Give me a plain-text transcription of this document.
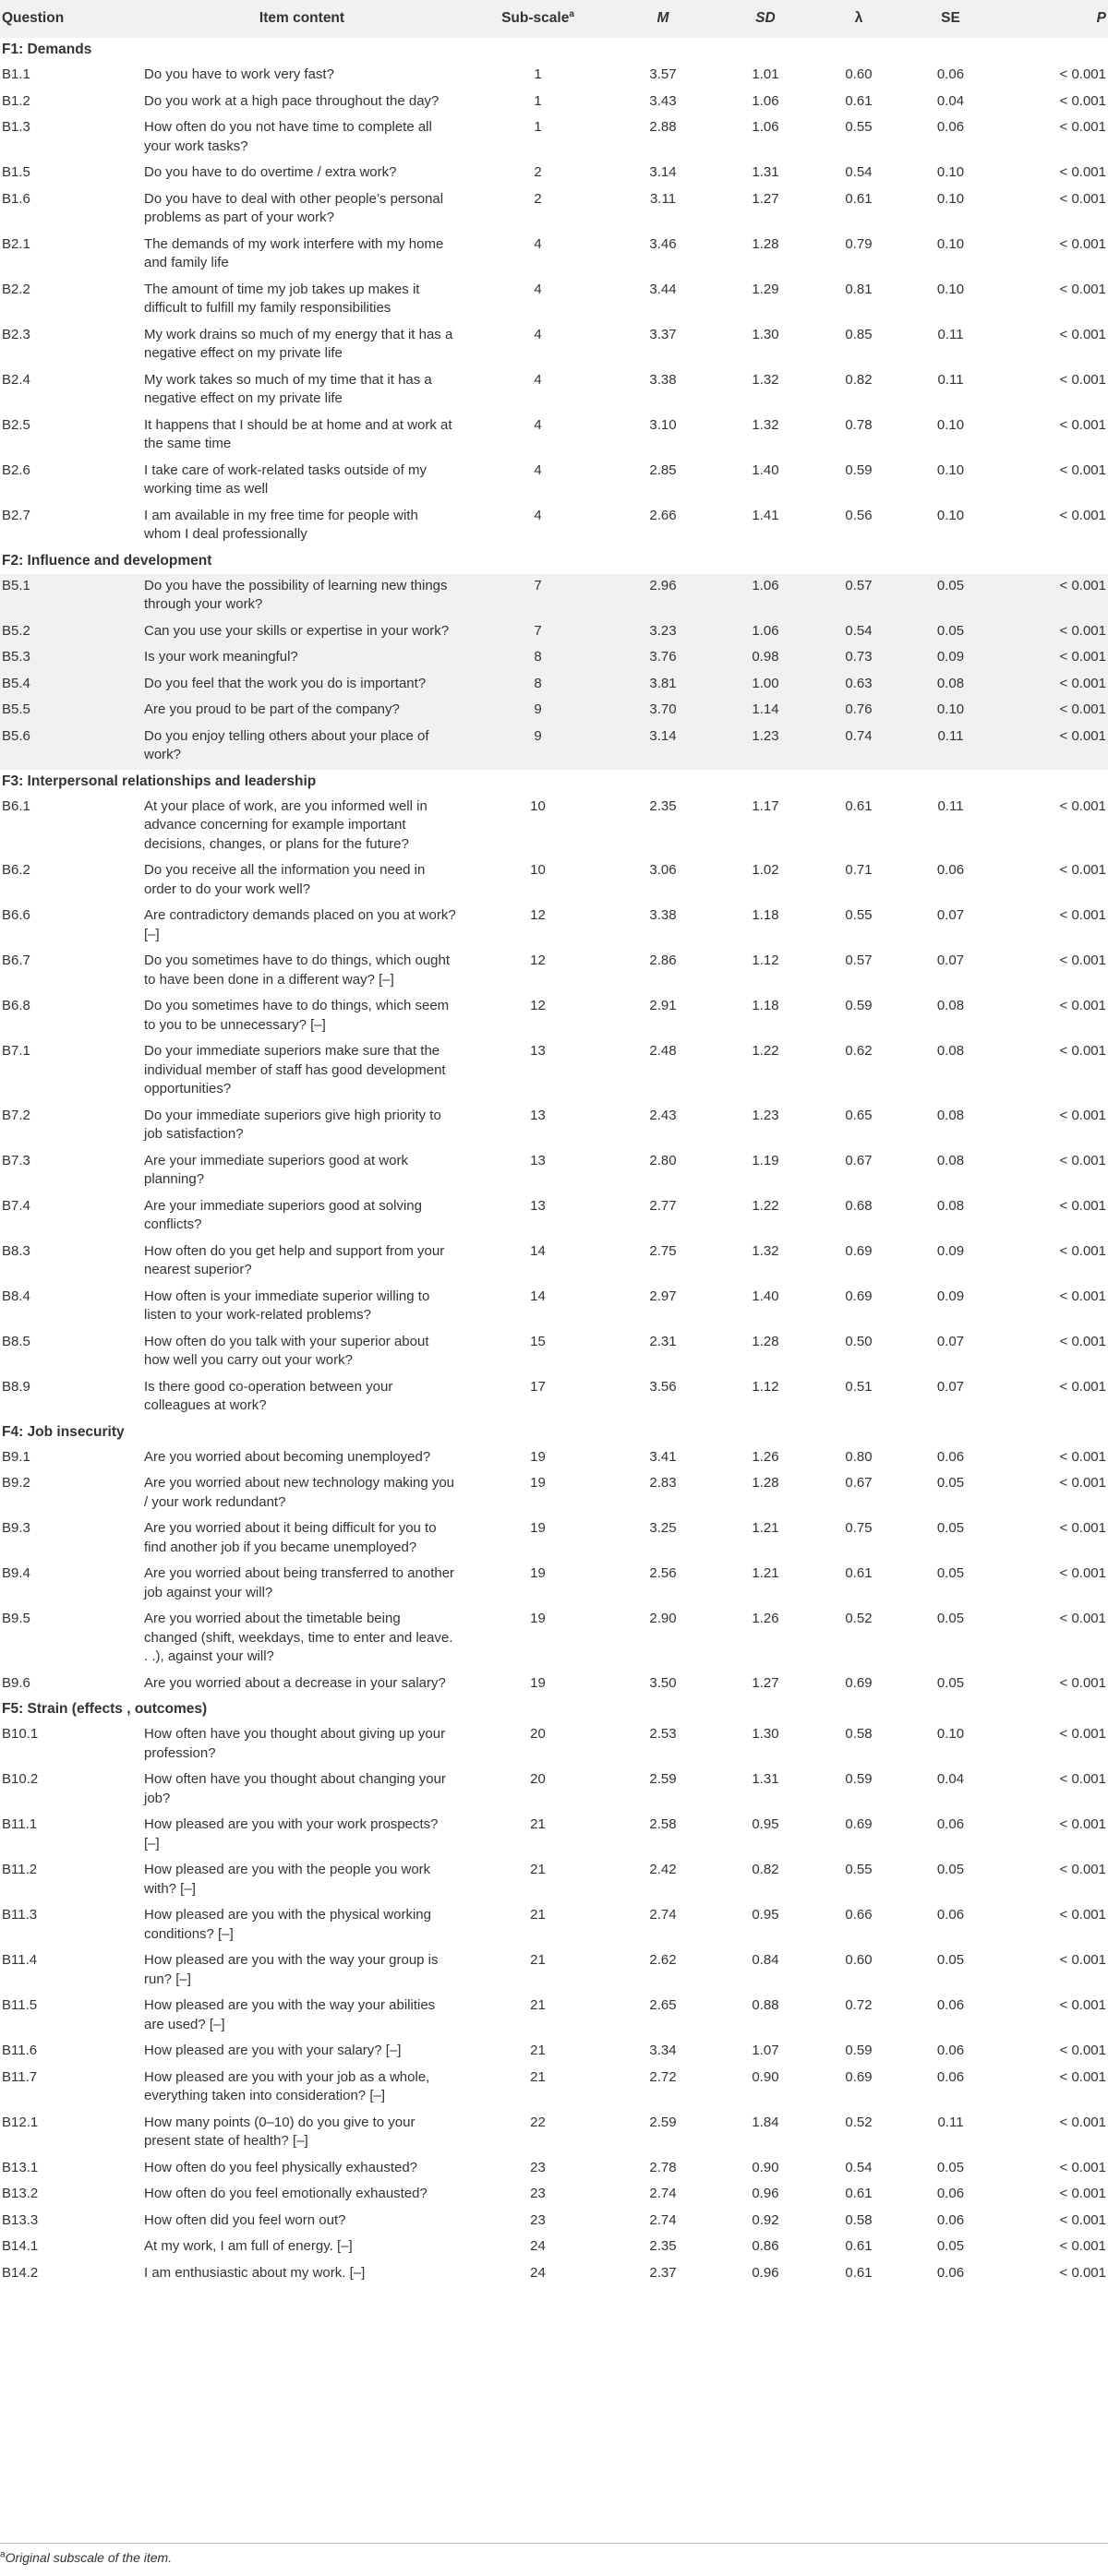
Question	Item content	Sub-scale$^a$	M	SD	λ	SE	P
F1: Demands							
B1.1	Do you have to work very fast?	1	3.57	1.01	0.60	0.06	< 0.001
B1.2	Do you work at a high pace throughout the day?	1	3.43	1.06	0.61	0.04	< 0.001
B1.3	How often do you not have time to complete all your work tasks?	1	2.88	1.06	0.55	0.06	< 0.001
B1.5	Do you have to do overtime / extra work?	2	3.14	1.31	0.54	0.10	< 0.001
B1.6	Do you have to deal with other people’s personal problems as part of your work?	2	3.11	1.27	0.61	0.10	< 0.001
B2.1	The demands of my work interfere with my home and family life	4	3.46	1.28	0.79	0.10	< 0.001
B2.2	The amount of time my job takes up makes it difficult to fulfill my family responsibilities	4	3.44	1.29	0.81	0.10	< 0.001
B2.3	My work drains so much of my energy that it has a negative effect on my private life	4	3.37	1.30	0.85	0.11	< 0.001
B2.4	My work takes so much of my time that it has a negative effect on my private life	4	3.38	1.32	0.82	0.11	< 0.001
B2.5	It happens that I should be at home and at work at the same time	4	3.10	1.32	0.78	0.10	< 0.001
B2.6	I take care of work-related tasks outside of my working time as well	4	2.85	1.40	0.59	0.10	< 0.001
B2.7	I am available in my free time for people with whom I deal professionally	4	2.66	1.41	0.56	0.10	< 0.001
F2: Influence and development							
B5.1	Do you have the possibility of learning new things through your work?	7	2.96	1.06	0.57	0.05	< 0.001
B5.2	Can you use your skills or expertise in your work?	7	3.23	1.06	0.54	0.05	< 0.001
B5.3	Is your work meaningful?	8	3.76	0.98	0.73	0.09	< 0.001
B5.4	Do you feel that the work you do is important?	8	3.81	1.00	0.63	0.08	< 0.001
B5.5	Are you proud to be part of the company?	9	3.70	1.14	0.76	0.10	< 0.001
B5.6	Do you enjoy telling others about your place of work?	9	3.14	1.23	0.74	0.11	< 0.001
F3: Interpersonal relationships and leadership							
B6.1	At your place of work, are you informed well in advance concerning for example important decisions, changes, or plans for the future?	10	2.35	1.17	0.61	0.11	< 0.001
B6.2	Do you receive all the information you need in order to do your work well?	10	3.06	1.02	0.71	0.06	< 0.001
B6.6	Are contradictory demands placed on you at work? [–]	12	3.38	1.18	0.55	0.07	< 0.001
B6.7	Do you sometimes have to do things, which ought to have been done in a different way? [–]	12	2.86	1.12	0.57	0.07	< 0.001
B6.8	Do you sometimes have to do things, which seem to you to be unnecessary? [–]	12	2.91	1.18	0.59	0.08	< 0.001
B7.1	Do your immediate superiors make sure that the individual member of staff has good development opportunities?	13	2.48	1.22	0.62	0.08	< 0.001
B7.2	Do your immediate superiors give high priority to job satisfaction?	13	2.43	1.23	0.65	0.08	< 0.001
B7.3	Are your immediate superiors good at work planning?	13	2.80	1.19	0.67	0.08	< 0.001
B7.4	Are your immediate superiors good at solving conflicts?	13	2.77	1.22	0.68	0.08	< 0.001
B8.3	How often do you get help and support from your nearest superior?	14	2.75	1.32	0.69	0.09	< 0.001
B8.4	How often is your immediate superior willing to listen to your work-related problems?	14	2.97	1.40	0.69	0.09	< 0.001
B8.5	How often do you talk with your superior about how well you carry out your work?	15	2.31	1.28	0.50	0.07	< 0.001
B8.9	Is there good co-operation between your colleagues at work?	17	3.56	1.12	0.51	0.07	< 0.001
F4: Job insecurity							
B9.1	Are you worried about becoming unemployed?	19	3.41	1.26	0.80	0.06	< 0.001
B9.2	Are you worried about new technology making you / your work redundant?	19	2.83	1.28	0.67	0.05	< 0.001
B9.3	Are you worried about it being difficult for you to find another job if you became unemployed?	19	3.25	1.21	0.75	0.05	< 0.001
B9.4	Are you worried about being transferred to another job against your will?	19	2.56	1.21	0.61	0.05	< 0.001
B9.5	Are you worried about the timetable being changed (shift, weekdays, time to enter and leave. . .), against your will?	19	2.90	1.26	0.52	0.05	< 0.001
B9.6	Are you worried about a decrease in your salary?	19	3.50	1.27	0.69	0.05	< 0.001
F5: Strain (effects , outcomes)							
B10.1	How often have you thought about giving up your profession?	20	2.53	1.30	0.58	0.10	< 0.001
B10.2	How often have you thought about changing your job?	20	2.59	1.31	0.59	0.04	< 0.001
B11.1	How pleased are you with your work prospects? [–]	21	2.58	0.95	0.69	0.06	< 0.001
B11.2	How pleased are you with the people you work with? [–]	21	2.42	0.82	0.55	0.05	< 0.001
B11.3	How pleased are you with the physical working conditions? [–]	21	2.74	0.95	0.66	0.06	< 0.001
B11.4	How pleased are you with the way your group is run? [–]	21	2.62	0.84	0.60	0.05	< 0.001
B11.5	How pleased are you with the way your abilities are used? [–]	21	2.65	0.88	0.72	0.06	< 0.001
B11.6	How pleased are you with your salary? [–]	21	3.34	1.07	0.59	0.06	< 0.001
B11.7	How pleased are you with your job as a whole, everything taken into consideration? [–]	21	2.72	0.90	0.69	0.06	< 0.001
B12.1	How many points (0–10) do you give to your present state of health? [–]	22	2.59	1.84	0.52	0.11	< 0.001
B13.1	How often do you feel physically exhausted?	23	2.78	0.90	0.54	0.05	< 0.001
B13.2	How often do you feel emotionally exhausted?	23	2.74	0.96	0.61	0.06	< 0.001
B13.3	How often did you feel worn out?	23	2.74	0.92	0.58	0.06	< 0.001
B14.1	At my work, I am full of energy. [–]	24	2.35	0.86	0.61	0.05	< 0.001
B14.2	I am enthusiastic about my work. [–]	24	2.37	0.96	0.61	0.06	< 0.001
$^a$Original subscale of the item.
